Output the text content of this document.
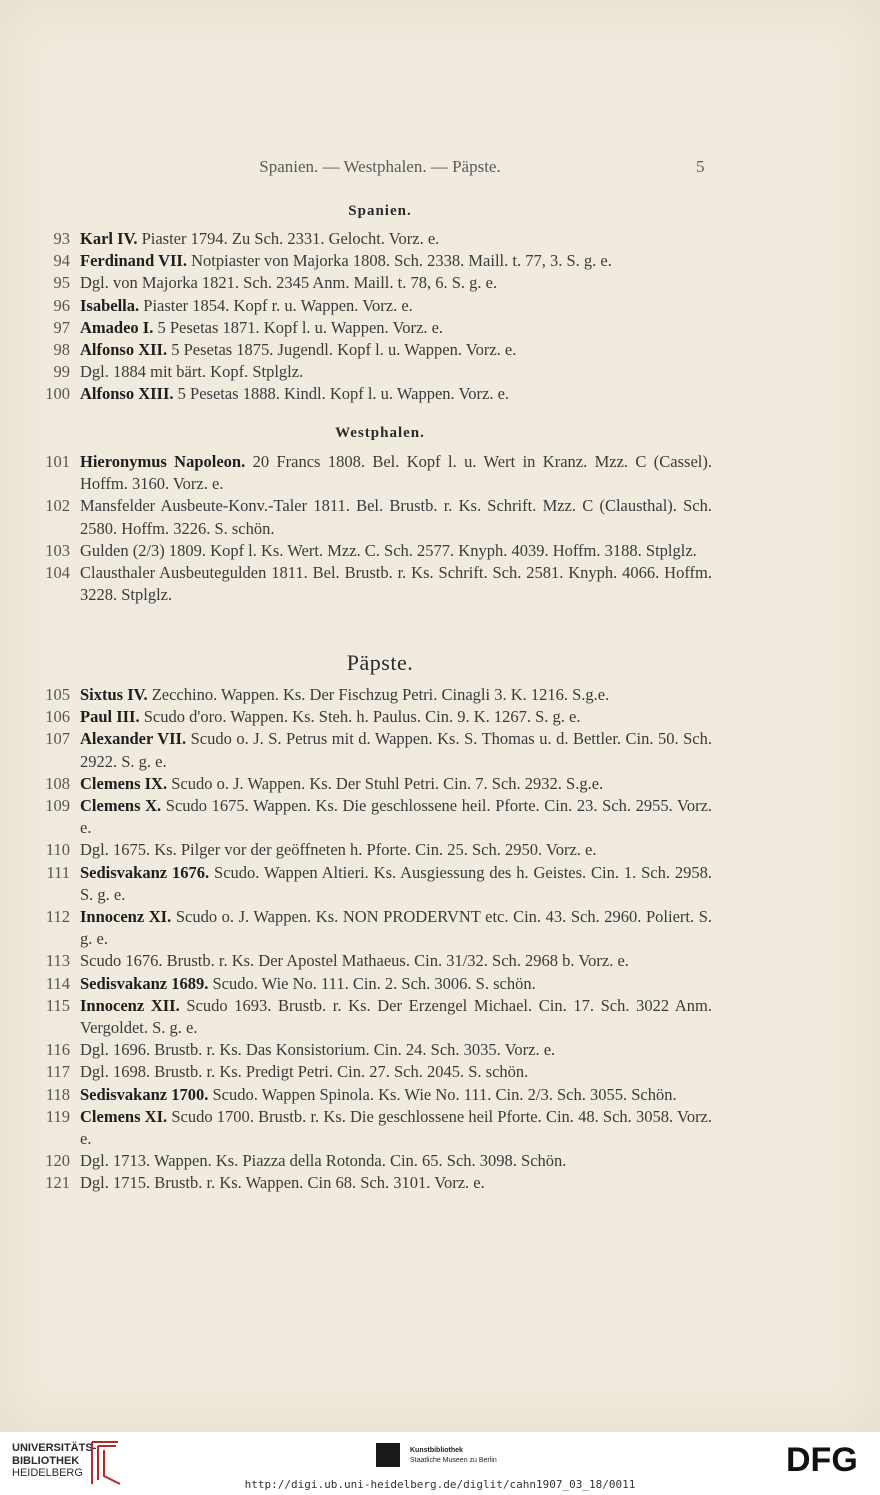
Spanien. — Westphalen. — Päpste.	5
Spanien.
93 Karl IV. Piaster 1794. Zu Sch. 2331. Gelocht. Vorz. e.
94 Ferdinand VII. Notpiaster von Majorka 1808. Sch. 2338. Maill. t. 77, 3. S. g. e.
95 Dgl. von Majorka 1821. Sch. 2345 Anm. Maill. t. 78, 6. S. g. e.
96 Isabella. Piaster 1854. Kopf r. u. Wappen. Vorz. e.
97 Amadeo I. 5 Pesetas 1871. Kopf l. u. Wappen. Vorz. e.
98 Alfonso XII. 5 Pesetas 1875. Jugendl. Kopf l. u. Wappen. Vorz. e.
99 Dgl. 1884 mit bärt. Kopf. Stplglz.
100 Alfonso XIII. 5 Pesetas 1888. Kindl. Kopf l. u. Wappen. Vorz. e.
Westphalen.
101 Hieronymus Napoleon. 20 Francs 1808. Bel. Kopf l. u. Wert in Kranz. Mzz. C (Cassel). Hoffm. 3160. Vorz. e.
102 Mansfelder Ausbeute-Konv.-Taler 1811. Bel. Brustb. r. Ks. Schrift. Mzz. C (Clausthal). Sch. 2580. Hoffm. 3226. S. schön.
103 Gulden (2/3) 1809. Kopf l. Ks. Wert. Mzz. C. Sch. 2577. Knyph. 4039. Hoffm. 3188. Stplglz.
104 Clausthaler Ausbeutegulden 1811. Bel. Brustb. r. Ks. Schrift. Sch. 2581. Knyph. 4066. Hoffm. 3228. Stplglz.
Päpste.
105 Sixtus IV. Zecchino. Wappen. Ks. Der Fischzug Petri. Cinagli 3. K. 1216. S.g.e.
106 Paul III. Scudo d'oro. Wappen. Ks. Steh. h. Paulus. Cin. 9. K. 1267. S. g. e.
107 Alexander VII. Scudo o. J. S. Petrus mit d. Wappen. Ks. S. Thomas u. d. Bettler. Cin. 50. Sch. 2922. S. g. e.
108 Clemens IX. Scudo o. J. Wappen. Ks. Der Stuhl Petri. Cin. 7. Sch. 2932. S.g.e.
109 Clemens X. Scudo 1675. Wappen. Ks. Die geschlossene heil. Pforte. Cin. 23. Sch. 2955. Vorz. e.
110 Dgl. 1675. Ks. Pilger vor der geöffneten h. Pforte. Cin. 25. Sch. 2950. Vorz. e.
111 Sedisvakanz 1676. Scudo. Wappen Altieri. Ks. Ausgiessung des h. Geistes. Cin. 1. Sch. 2958. S. g. e.
112 Innocenz XI. Scudo o. J. Wappen. Ks. NON PRODERVNT etc. Cin. 43. Sch. 2960. Poliert. S. g. e.
113 Scudo 1676. Brustb. r. Ks. Der Apostel Mathaeus. Cin. 31/32. Sch. 2968 b. Vorz. e.
114 Sedisvakanz 1689. Scudo. Wie No. 111. Cin. 2. Sch. 3006. S. schön.
115 Innocenz XII. Scudo 1693. Brustb. r. Ks. Der Erzengel Michael. Cin. 17. Sch. 3022 Anm. Vergoldet. S. g. e.
116 Dgl. 1696. Brustb. r. Ks. Das Konsistorium. Cin. 24. Sch. 3035. Vorz. e.
117 Dgl. 1698. Brustb. r. Ks. Predigt Petri. Cin. 27. Sch. 2045. S. schön.
118 Sedisvakanz 1700. Scudo. Wappen Spinola. Ks. Wie No. 111. Cin. 2/3. Sch. 3055. Schön.
119 Clemens XI. Scudo 1700. Brustb. r. Ks. Die geschlossene heil Pforte. Cin. 48. Sch. 3058. Vorz. e.
120 Dgl. 1713. Wappen. Ks. Piazza della Rotonda. Cin. 65. Sch. 3098. Schön.
121 Dgl. 1715. Brustb. r. Ks. Wappen. Cin 68. Sch. 3101. Vorz. e.
UNIVERSITÄTS-
BIBLIOTHEK
HEIDELBERG
Kunstbibliothek
Staatliche Museen zu Berlin	DFG
http://digi.ub.uni-heidelberg.de/diglit/cahn1907_03_18/0011
